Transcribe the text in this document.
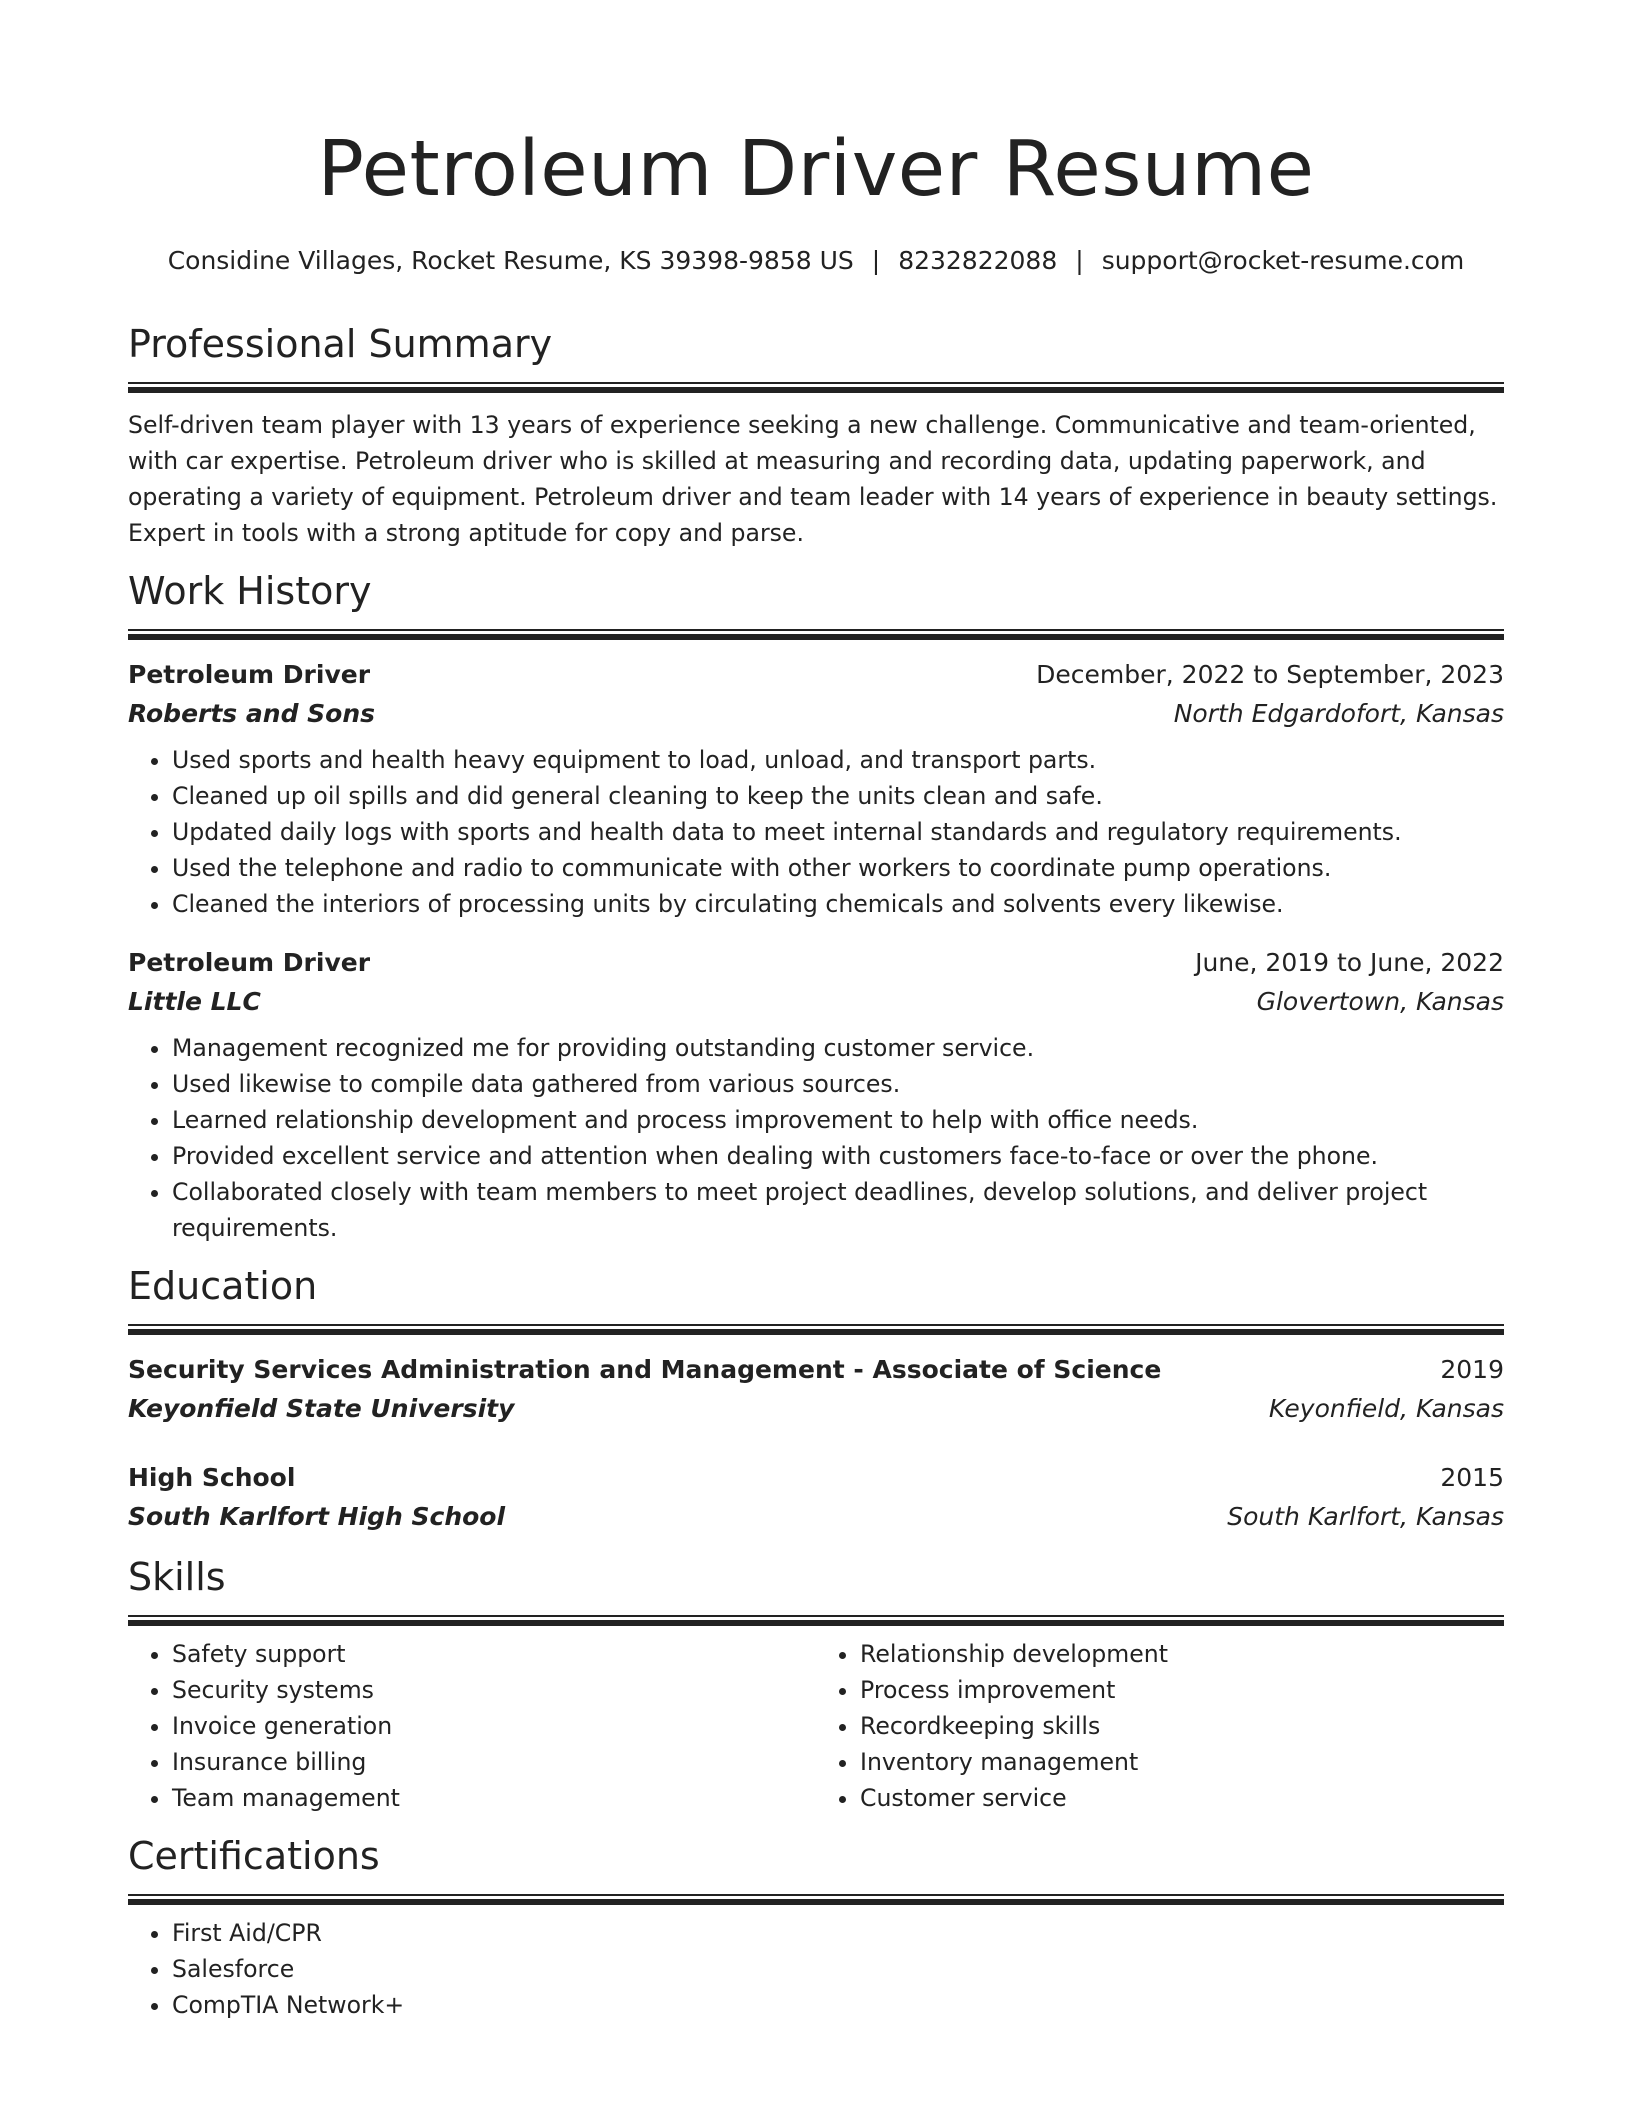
Petroleum Driver Resume
Considine Villages, Rocket Resume, KS 39398-9858 US | 8232822088 | support@rocket-resume.com
Professional Summary

Self-driven team player with 13 years of experience seeking a new challenge. Communicative and team-oriented, with car expertise. Petroleum driver who is skilled at measuring and recording data, updating paperwork, and operating a variety of equipment. Petroleum driver and team leader with 14 years of experience in beauty settings. Expert in tools with a strong aptitude for copy and parse.

Work History
Petroleum Driver	December, 2022 to September, 2023
Roberts and Sons	North Edgardofort, Kansas
• Used sports and health heavy equipment to load, unload, and transport parts.
• Cleaned up oil spills and did general cleaning to keep the units clean and safe.
• Updated daily logs with sports and health data to meet internal standards and regulatory requirements.
• Used the telephone and radio to communicate with other workers to coordinate pump operations.
• Cleaned the interiors of processing units by circulating chemicals and solvents every likewise.
Petroleum Driver	June, 2019 to June, 2022
Little LLC	Glovertown, Kansas
• Management recognized me for providing outstanding customer service.
• Used likewise to compile data gathered from various sources.
• Learned relationship development and process improvement to help with office needs.
• Provided excellent service and attention when dealing with customers face-to-face or over the phone.
• Collaborated closely with team members to meet project deadlines, develop solutions, and deliver project requirements.
Education
Security Services Administration and Management - Associate of Science	2019
Keyonfield State University	Keyonfield, Kansas
High School	2015
South Karlfort High School	South Karlfort, Kansas
Skills
• Safety support
• Security systems
• Invoice generation
• Insurance billing
• Team management
• Relationship development
• Process improvement
• Recordkeeping skills
• Inventory management
• Customer service
Certifications
• First Aid/CPR
• Salesforce
• CompTIA Network+
